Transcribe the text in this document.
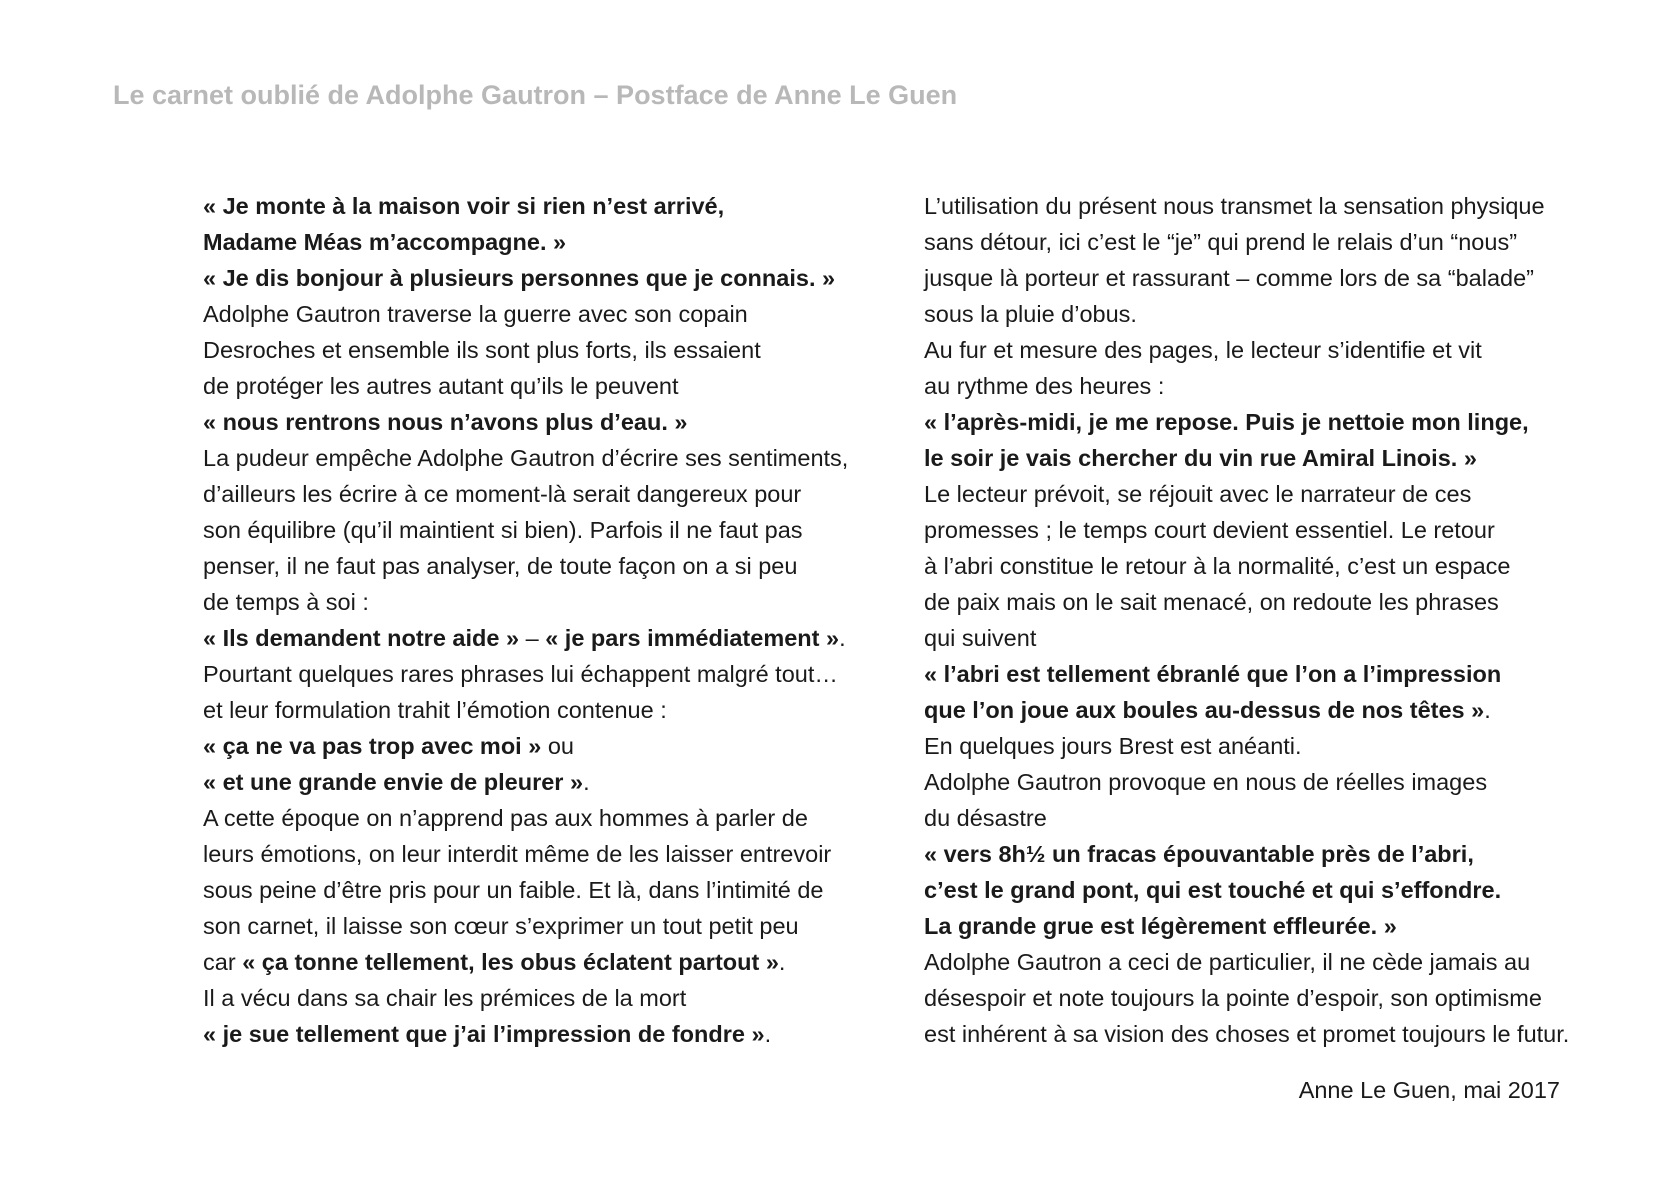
Le carnet oublié de Adolphe Gautron – Postface de Anne Le Guen
« Je monte à la maison voir si rien n’est arrivé,
Madame Méas m’accompagne. »
« Je dis bonjour à plusieurs personnes que je connais. »
Adolphe Gautron traverse la guerre avec son copain
Desroches et ensemble ils sont plus forts, ils essaient
de protéger les autres autant qu’ils le peuvent
« nous rentrons nous n’avons plus d’eau. »
La pudeur empêche Adolphe Gautron d’écrire ses sentiments,
d’ailleurs les écrire à ce moment-là serait dangereux pour
son équilibre (qu’il maintient si bien). Parfois il ne faut pas
penser, il ne faut pas analyser, de toute façon on a si peu
de temps à soi :
« Ils demandent notre aide » – « je pars immédiatement ».
Pourtant quelques rares phrases lui échappent malgré tout…
et leur formulation trahit l’émotion contenue :
« ça ne va pas trop avec moi » ou
« et une grande envie de pleurer ».
A cette époque on n’apprend pas aux hommes à parler de
leurs émotions, on leur interdit même de les laisser entrevoir
sous peine d’être pris pour un faible. Et là, dans l’intimité de
son carnet, il laisse son cœur s’exprimer un tout petit peu
car « ça tonne tellement, les obus éclatent partout ».
Il a vécu dans sa chair les prémices de la mort
« je sue tellement que j’ai l’impression de fondre ».
L’utilisation du présent nous transmet la sensation physique
sans détour, ici c’est le “je” qui prend le relais d’un “nous”
jusque là porteur et rassurant – comme lors de sa “balade”
sous la pluie d’obus.
Au fur et mesure des pages, le lecteur s’identifie et vit
au rythme des heures :
« l’après-midi, je me repose. Puis je nettoie mon linge,
le soir je vais chercher du vin rue Amiral Linois. »
Le lecteur prévoit, se réjouit avec le narrateur de ces
promesses ; le temps court devient essentiel. Le retour
à l’abri constitue le retour à la normalité, c’est un espace
de paix mais on le sait menacé, on redoute les phrases
qui suivent
« l’abri est tellement ébranlé que l’on a l’impression
que l’on joue aux boules au-dessus de nos têtes ».
En quelques jours Brest est anéanti.
Adolphe Gautron provoque en nous de réelles images
du désastre
« vers 8h½ un fracas épouvantable près de l’abri,
c’est le grand pont, qui est touché et qui s’effondre.
La grande grue est légèrement effleurée. »
Adolphe Gautron a ceci de particulier, il ne cède jamais au
désespoir et note toujours la pointe d’espoir, son optimisme
est inhérent à sa vision des choses et promet toujours le futur.
Anne Le Guen, mai 2017
